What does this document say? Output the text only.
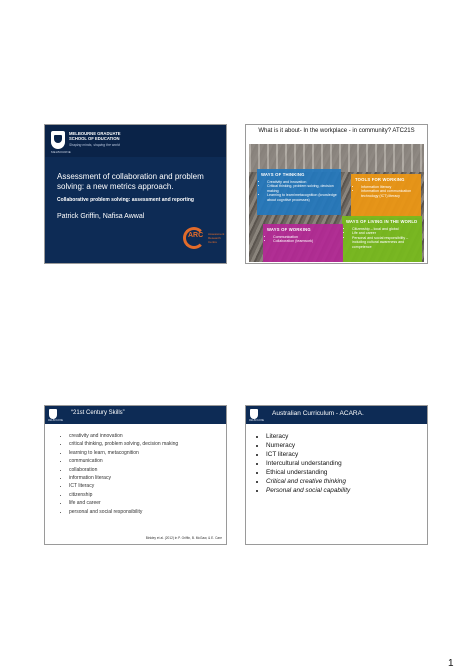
MELBOURNE
MELBOURNE GRADUATE
SCHOOL OF EDUCATION
Shaping minds, shaping the world
Assessment of collaboration and problem solving: a new metrics approach.
Collaborative problem solving: assessment and reporting
Patrick Griffin, Nafisa Awwal
ARC Assessment
Research
Centre
What is it about- In the workplace - in community? ATC21S
WAYS OF THINKING
• Creativity and innovation
• Critical thinking, problem solving, decision making
• Learning to learn/metacognition (knowledge about cognitive processes)
TOOLS FOR WORKING
• Information literacy
• Information and communication technology (ICT) literacy
WAYS OF LIVING IN THE WORLD
• Citizenship – local and global
• Life and career
• Personal and social responsibility – including cultural awareness and competence
WAYS OF WORKING
• Communication
• Collaboration (teamwork)
MELBOURNE
“21st Century Skills”
• creativity and innovation
• critical thinking, problem solving, decision making
• learning to learn, metacognition
• communication
• collaboration
• information literacy
• ICT literacy
• citizenship
• life and career
• personal and social responsibility
Binkley et al. (2012) in P. Griffin, B. McGaw, & E. Care
MELBOURNE
Australian Curriculum - ACARA.
• Literacy
• Numeracy
• ICT literacy
• Intercultural understanding
• Ethical understanding
• Critical and creative thinking
• Personal and social capability
1
